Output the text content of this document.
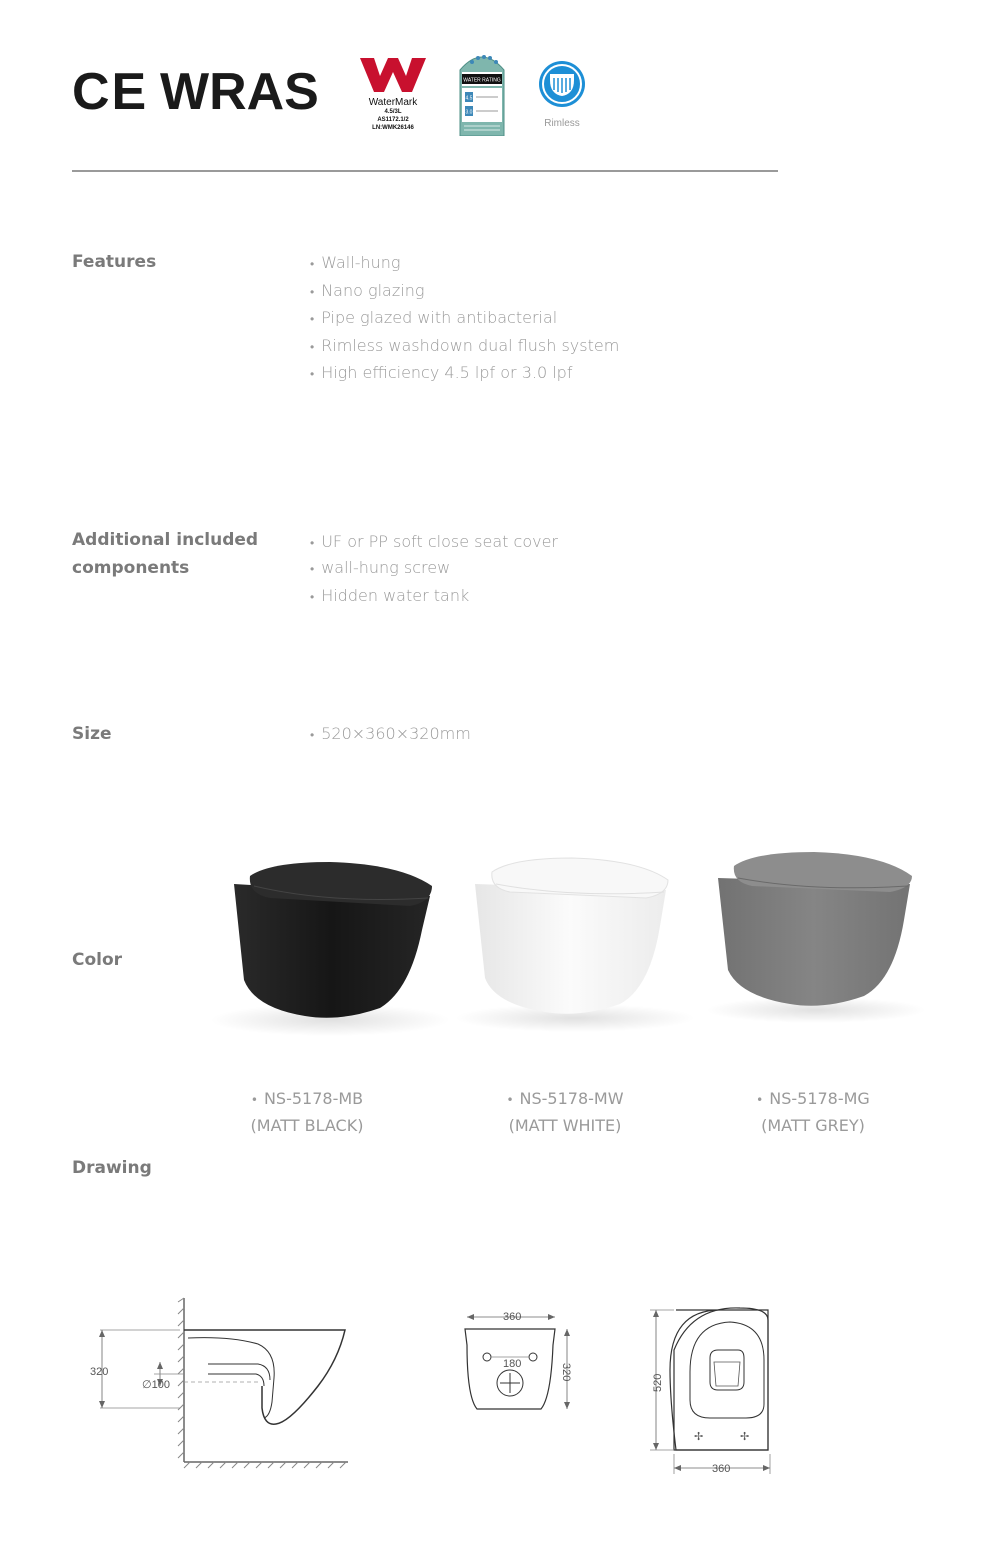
CE WRAS	WaterMark
4.5/3L
AS1172.1/2
LN:WMK26146
WATER RATING
4.5
3.0
Rimless
Features	• Wall-hung
• Nano glazing
• Pipe glazed with antibacterial
• Rimless washdown dual flush system
• High efficiency 4.5 lpf or 3.0 lpf
Additional included
components
• UF or PP soft close seat cover
• wall-hung screw
• Hidden water tank
Size	• 520×360×320mm
Color
• NS-5178-MB
(MATT BLACK)
• NS-5178-MW
(MATT WHITE)
• NS-5178-MG
(MATT GREY)
Drawing
320
∅100
360
180	320
✢	✢
520
360
